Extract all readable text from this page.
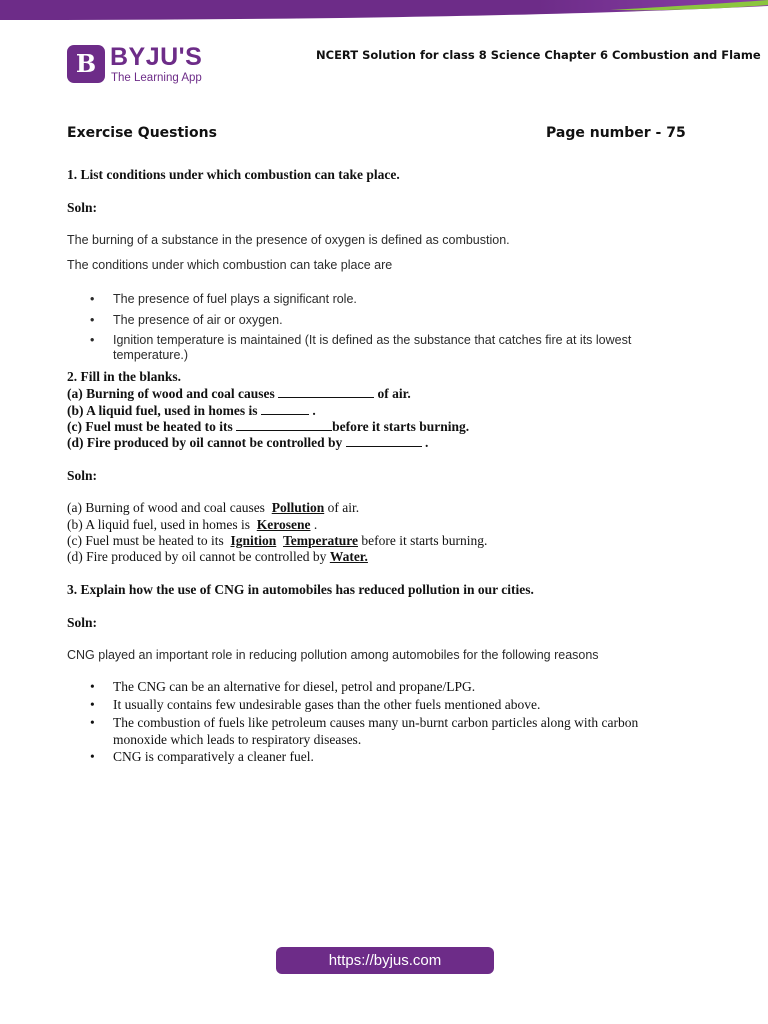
B BYJU'S
The Learning App
NCERT Solution for class 8 Science Chapter 6 Combustion and Flame
Exercise Questions	Page number - 75
1. List conditions under which combustion can take place.
Soln:
The burning of a substance in the presence of oxygen is defined as combustion.
The conditions under which combustion can take place are
• The presence of fuel plays a significant role.
• The presence of air or oxygen.
• Ignition temperature is maintained (It is defined as the substance that catches fire at its lowest temperature.)
2. Fill in the blanks.
(a) Burning of wood and coal causes	of air.
(b) A liquid fuel, used in homes is	.
(c) Fuel must be heated to its	before it starts burning.
(d) Fire produced by oil cannot be controlled by	.
Soln:
(a) Burning of wood and coal causes Pollution of air.
(b) A liquid fuel, used in homes is Kerosene .
(c) Fuel must be heated to its Ignition Temperature before it starts burning.
(d) Fire produced by oil cannot be controlled by Water.
3. Explain how the use of CNG in automobiles has reduced pollution in our cities.
Soln:
CNG played an important role in reducing pollution among automobiles for the following reasons
• The CNG can be an alternative for diesel, petrol and propane/LPG.
• It usually contains few undesirable gases than the other fuels mentioned above.
• The combustion of fuels like petroleum causes many un-burnt carbon particles along with carbon monoxide which leads to respiratory diseases.
• CNG is comparatively a cleaner fuel.
https://byjus.com
